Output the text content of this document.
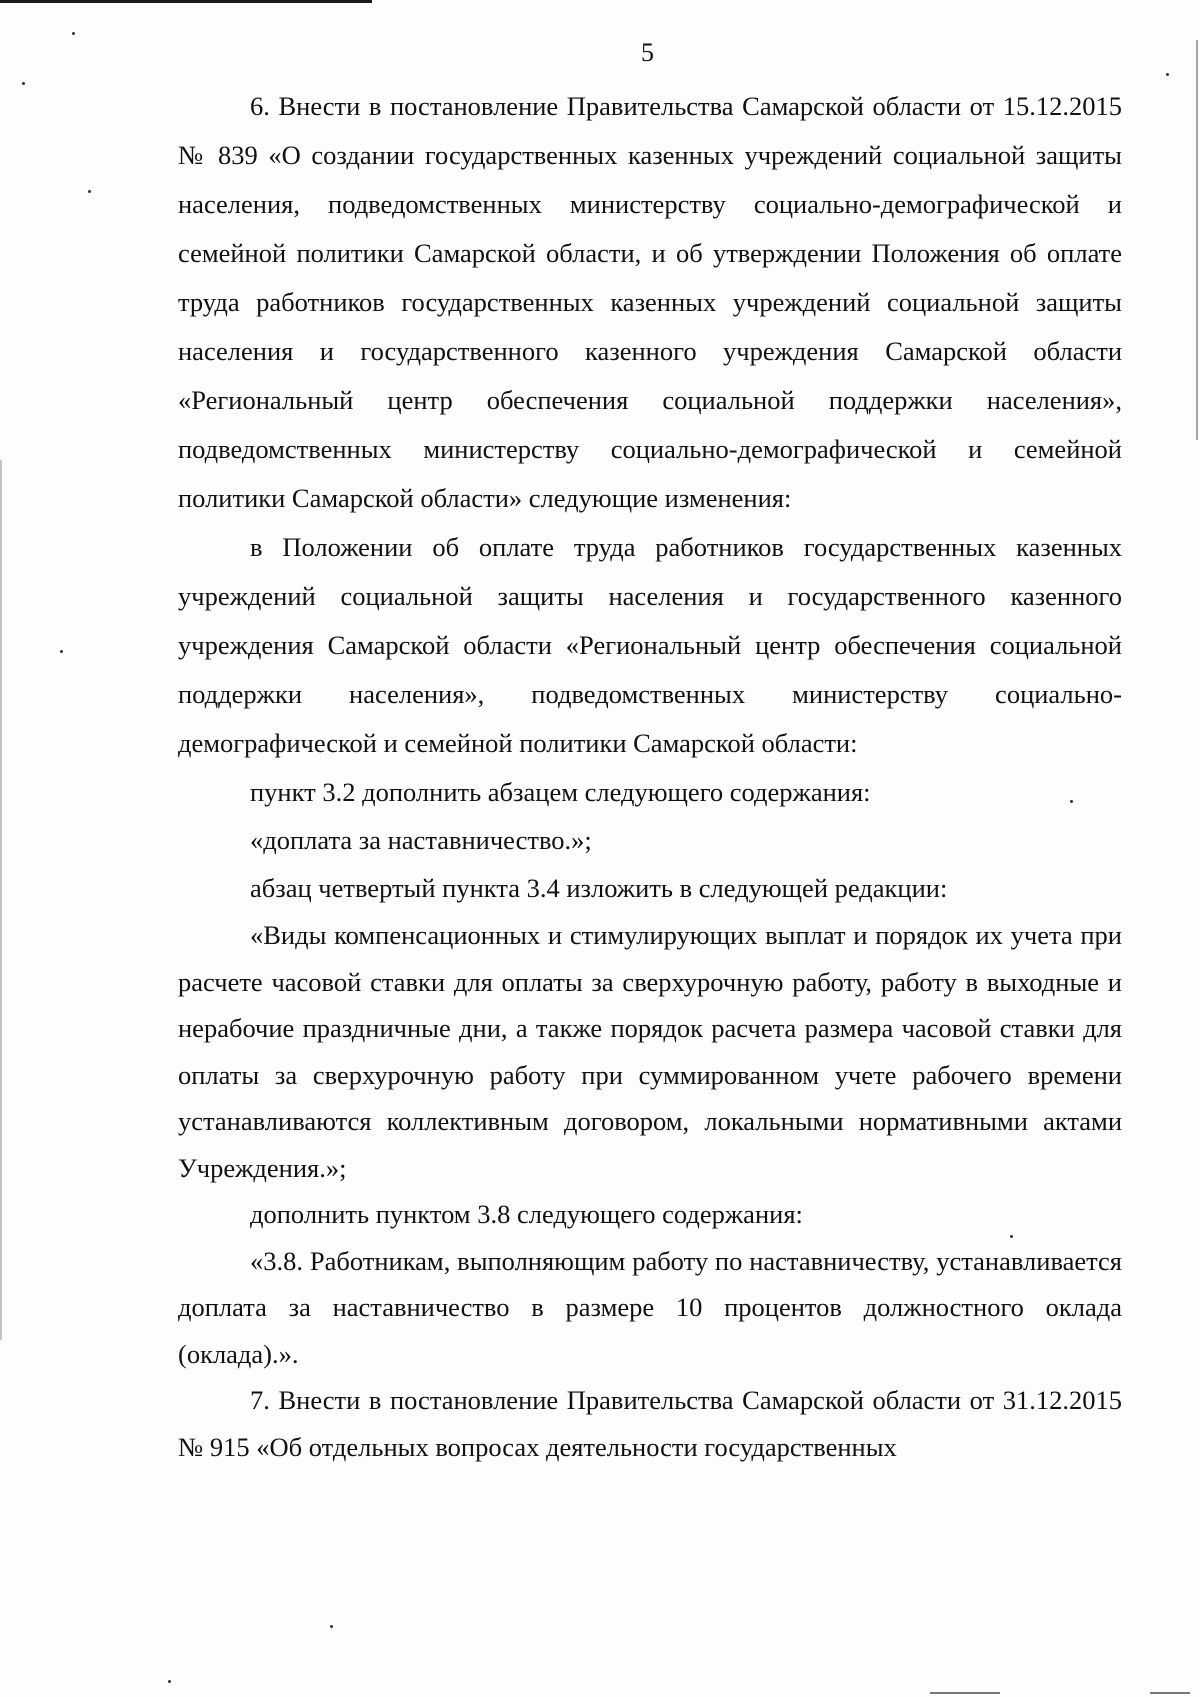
5

6. Внести в постановление Правительства Самарской области от 15.12.2015 № 839 «О создании государственных казенных учреждений социальной защиты населения, подведомственных министерству социально-демографической и семейной политики Самарской области, и об утверждении Положения об оплате труда работников государственных казенных учреждений социальной защиты населения и государственного казенного учреждения Самарской области «Региональный центр обеспечения социальной поддержки населения», подведомственных министерству социально-демографической и семейной политики Самарской области» следующие изменения:

в Положении об оплате труда работников государственных казенных учреждений социальной защиты населения и государственного казенного учреждения Самарской области «Региональный центр обеспечения социальной поддержки населения», подведомственных министерству социально-демографической и семейной политики Самарской области:

пункт 3.2 дополнить абзацем следующего содержания:

«доплата за наставничество.»;

абзац четвертый пункта 3.4 изложить в следующей редакции:

«Виды компенсационных и стимулирующих выплат и порядок их учета при расчете часовой ставки для оплаты за сверхурочную работу, работу в выходные и нерабочие праздничные дни, а также порядок расчета размера часовой ставки для оплаты за сверхурочную работу при суммированном учете рабочего времени устанавливаются коллективным договором, локальными нормативными актами Учреждения.»;

дополнить пунктом 3.8 следующего содержания:

«3.8. Работникам, выполняющим работу по наставничеству, устанавливается доплата за наставничество в размере 10 процентов должностного оклада (оклада).».

7. Внести в постановление Правительства Самарской области от 31.12.2015 № 915 «Об отдельных вопросах деятельности государственных
